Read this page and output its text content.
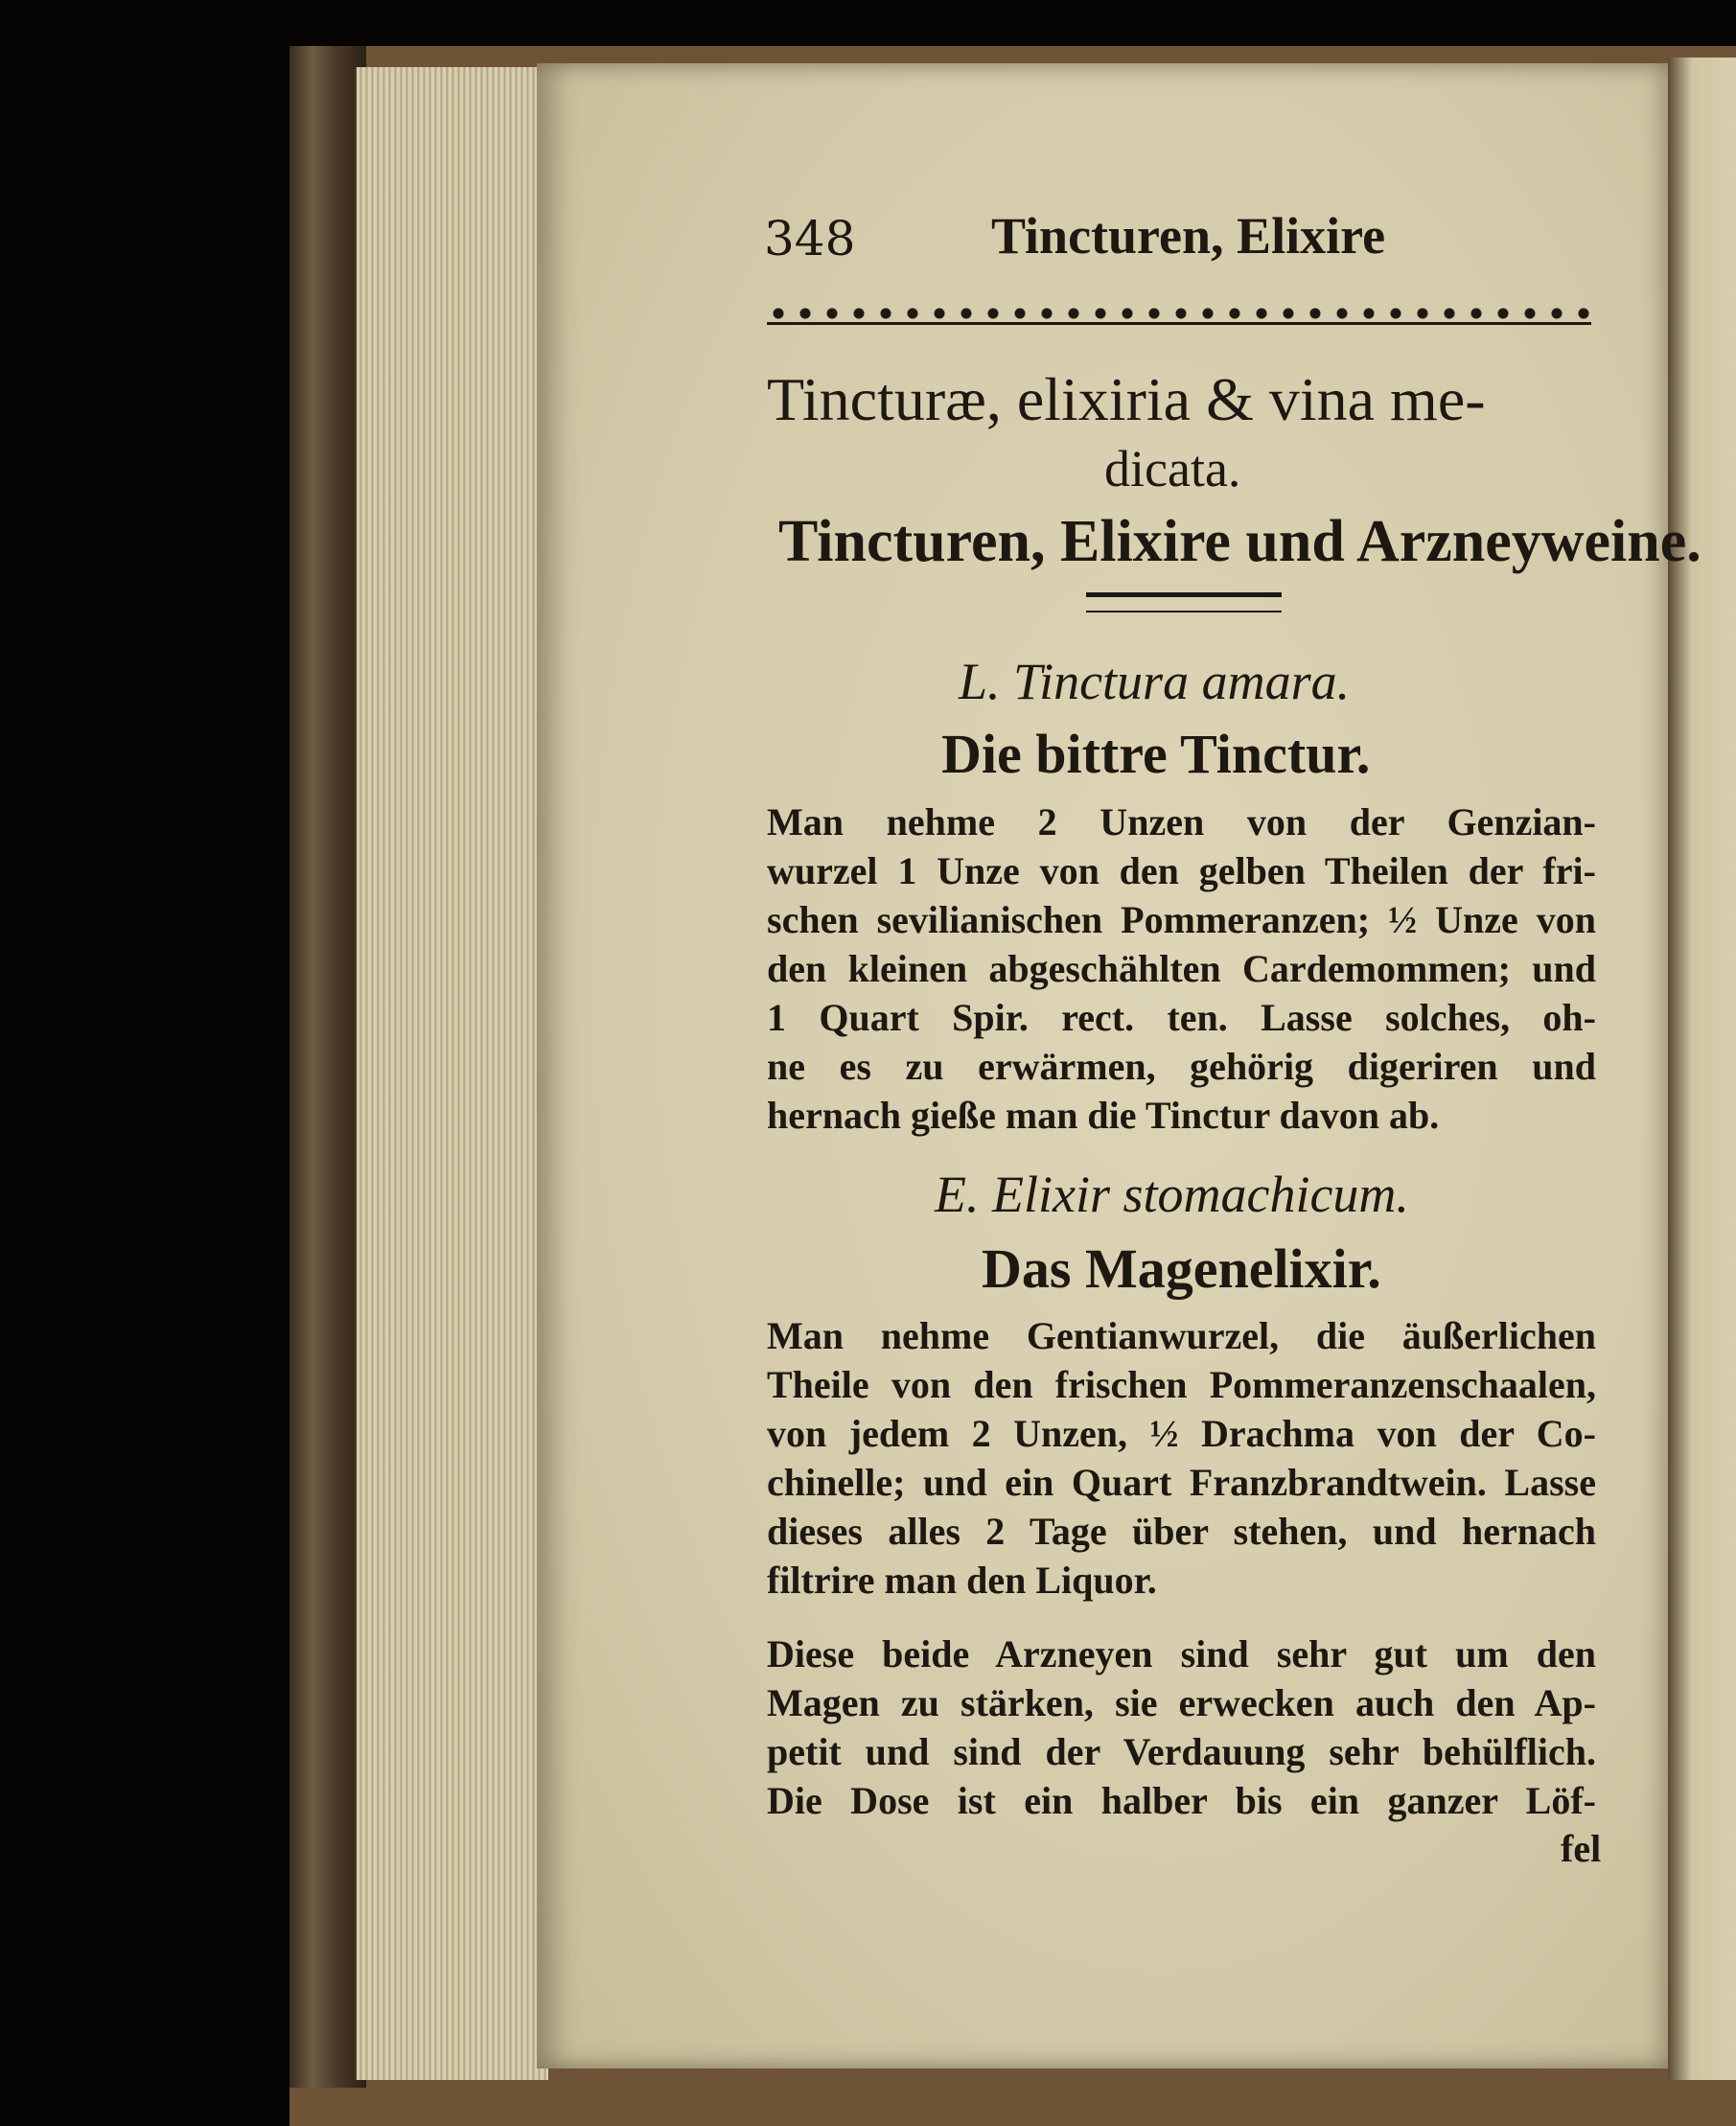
348	Tincturen, Elixire
Tincturæ, elixiria & vina me-
dicata.
Tincturen, Elixire und Arzneyweine.
L. Tinctura amara.
Die bittre Tinctur.
Man nehme 2 Unzen von der Genzian-
wurzel 1 Unze von den gelben Theilen der fri-
schen sevilianischen Pommeranzen; ½ Unze von
den kleinen abgeschählten Cardemommen; und
1 Quart Spir. rect. ten. Lasse solches, oh-
ne es zu erwärmen, gehörig digeriren und
hernach gieße man die Tinctur davon ab.
E. Elixir stomachicum.
Das Mageneliхir.
Man nehme Gentianwurzel, die äußerlichen
Theile von den frischen Pommeranzenschaalen,
von jedem 2 Unzen, ½ Drachma von der Co-
chinelle; und ein Quart Franzbrandtwein. Lasse
dieses alles 2 Tage über stehen, und hernach
filtrire man den Liquor.
Diese beide Arzneyen sind sehr gut um den
Magen zu stärken, sie erwecken auch den Ap-
petit und sind der Verdauung sehr behülflich.
Die Dose ist ein halber bis ein ganzer Löf-
fel
